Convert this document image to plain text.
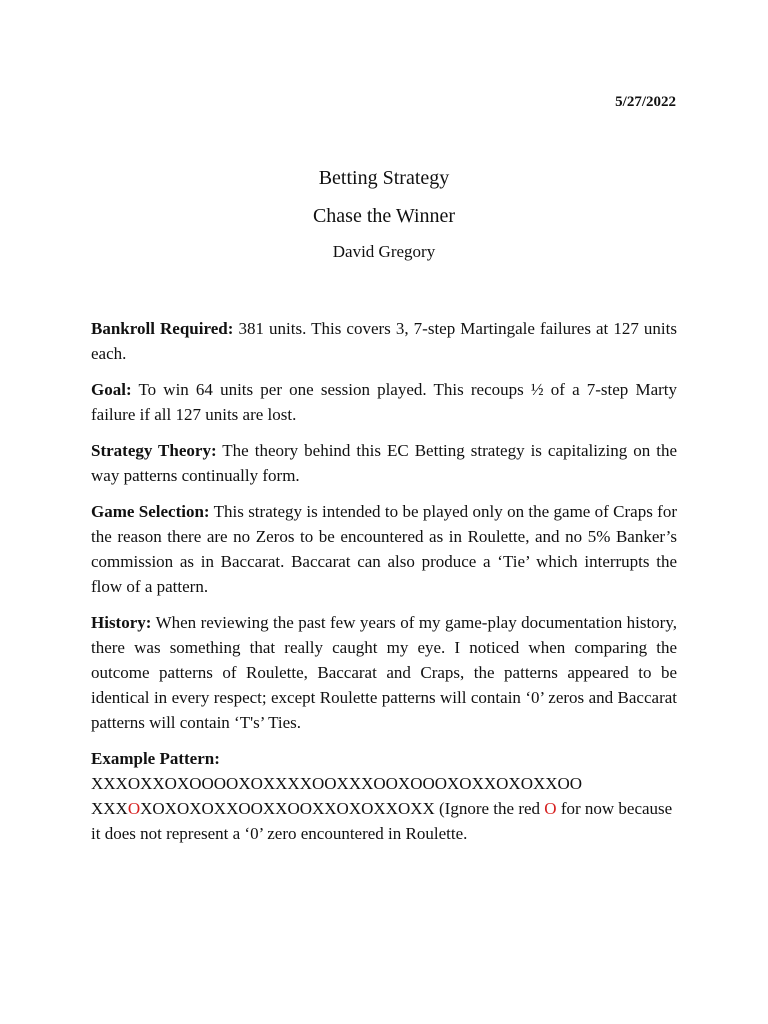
5/27/2022

Betting Strategy

Chase the Winner

David Gregory

Bankroll Required: 381 units. This covers 3, 7-step Martingale failures at 127 units each.

Goal: To win 64 units per one session played. This recoups ½ of a 7-step Marty failure if all 127 units are lost.

Strategy Theory: The theory behind this EC Betting strategy is capitalizing on the way patterns continually form.

Game Selection: This strategy is intended to be played only on the game of Craps for the reason there are no Zeros to be encountered as in Roulette, and no 5% Banker’s commission as in Baccarat. Baccarat can also produce a ‘Tie’ which interrupts the flow of a pattern.

History: When reviewing the past few years of my game-play documentation history, there was something that really caught my eye. I noticed when comparing the outcome patterns of Roulette, Baccarat and Craps, the patterns appeared to be identical in every respect; except Roulette patterns will contain ‘0’ zeros and Baccarat patterns will contain ‘T's’ Ties.

Example Pattern:
XXXOXXOXOOOOXOXXXXOOXXXOOXOOOXOXXOXOXXOO
XXXOXOXOXOXXOOXXOOXXOXOXXOXX (Ignore the red O for now because it does not represent a ‘0’ zero encountered in Roulette.
